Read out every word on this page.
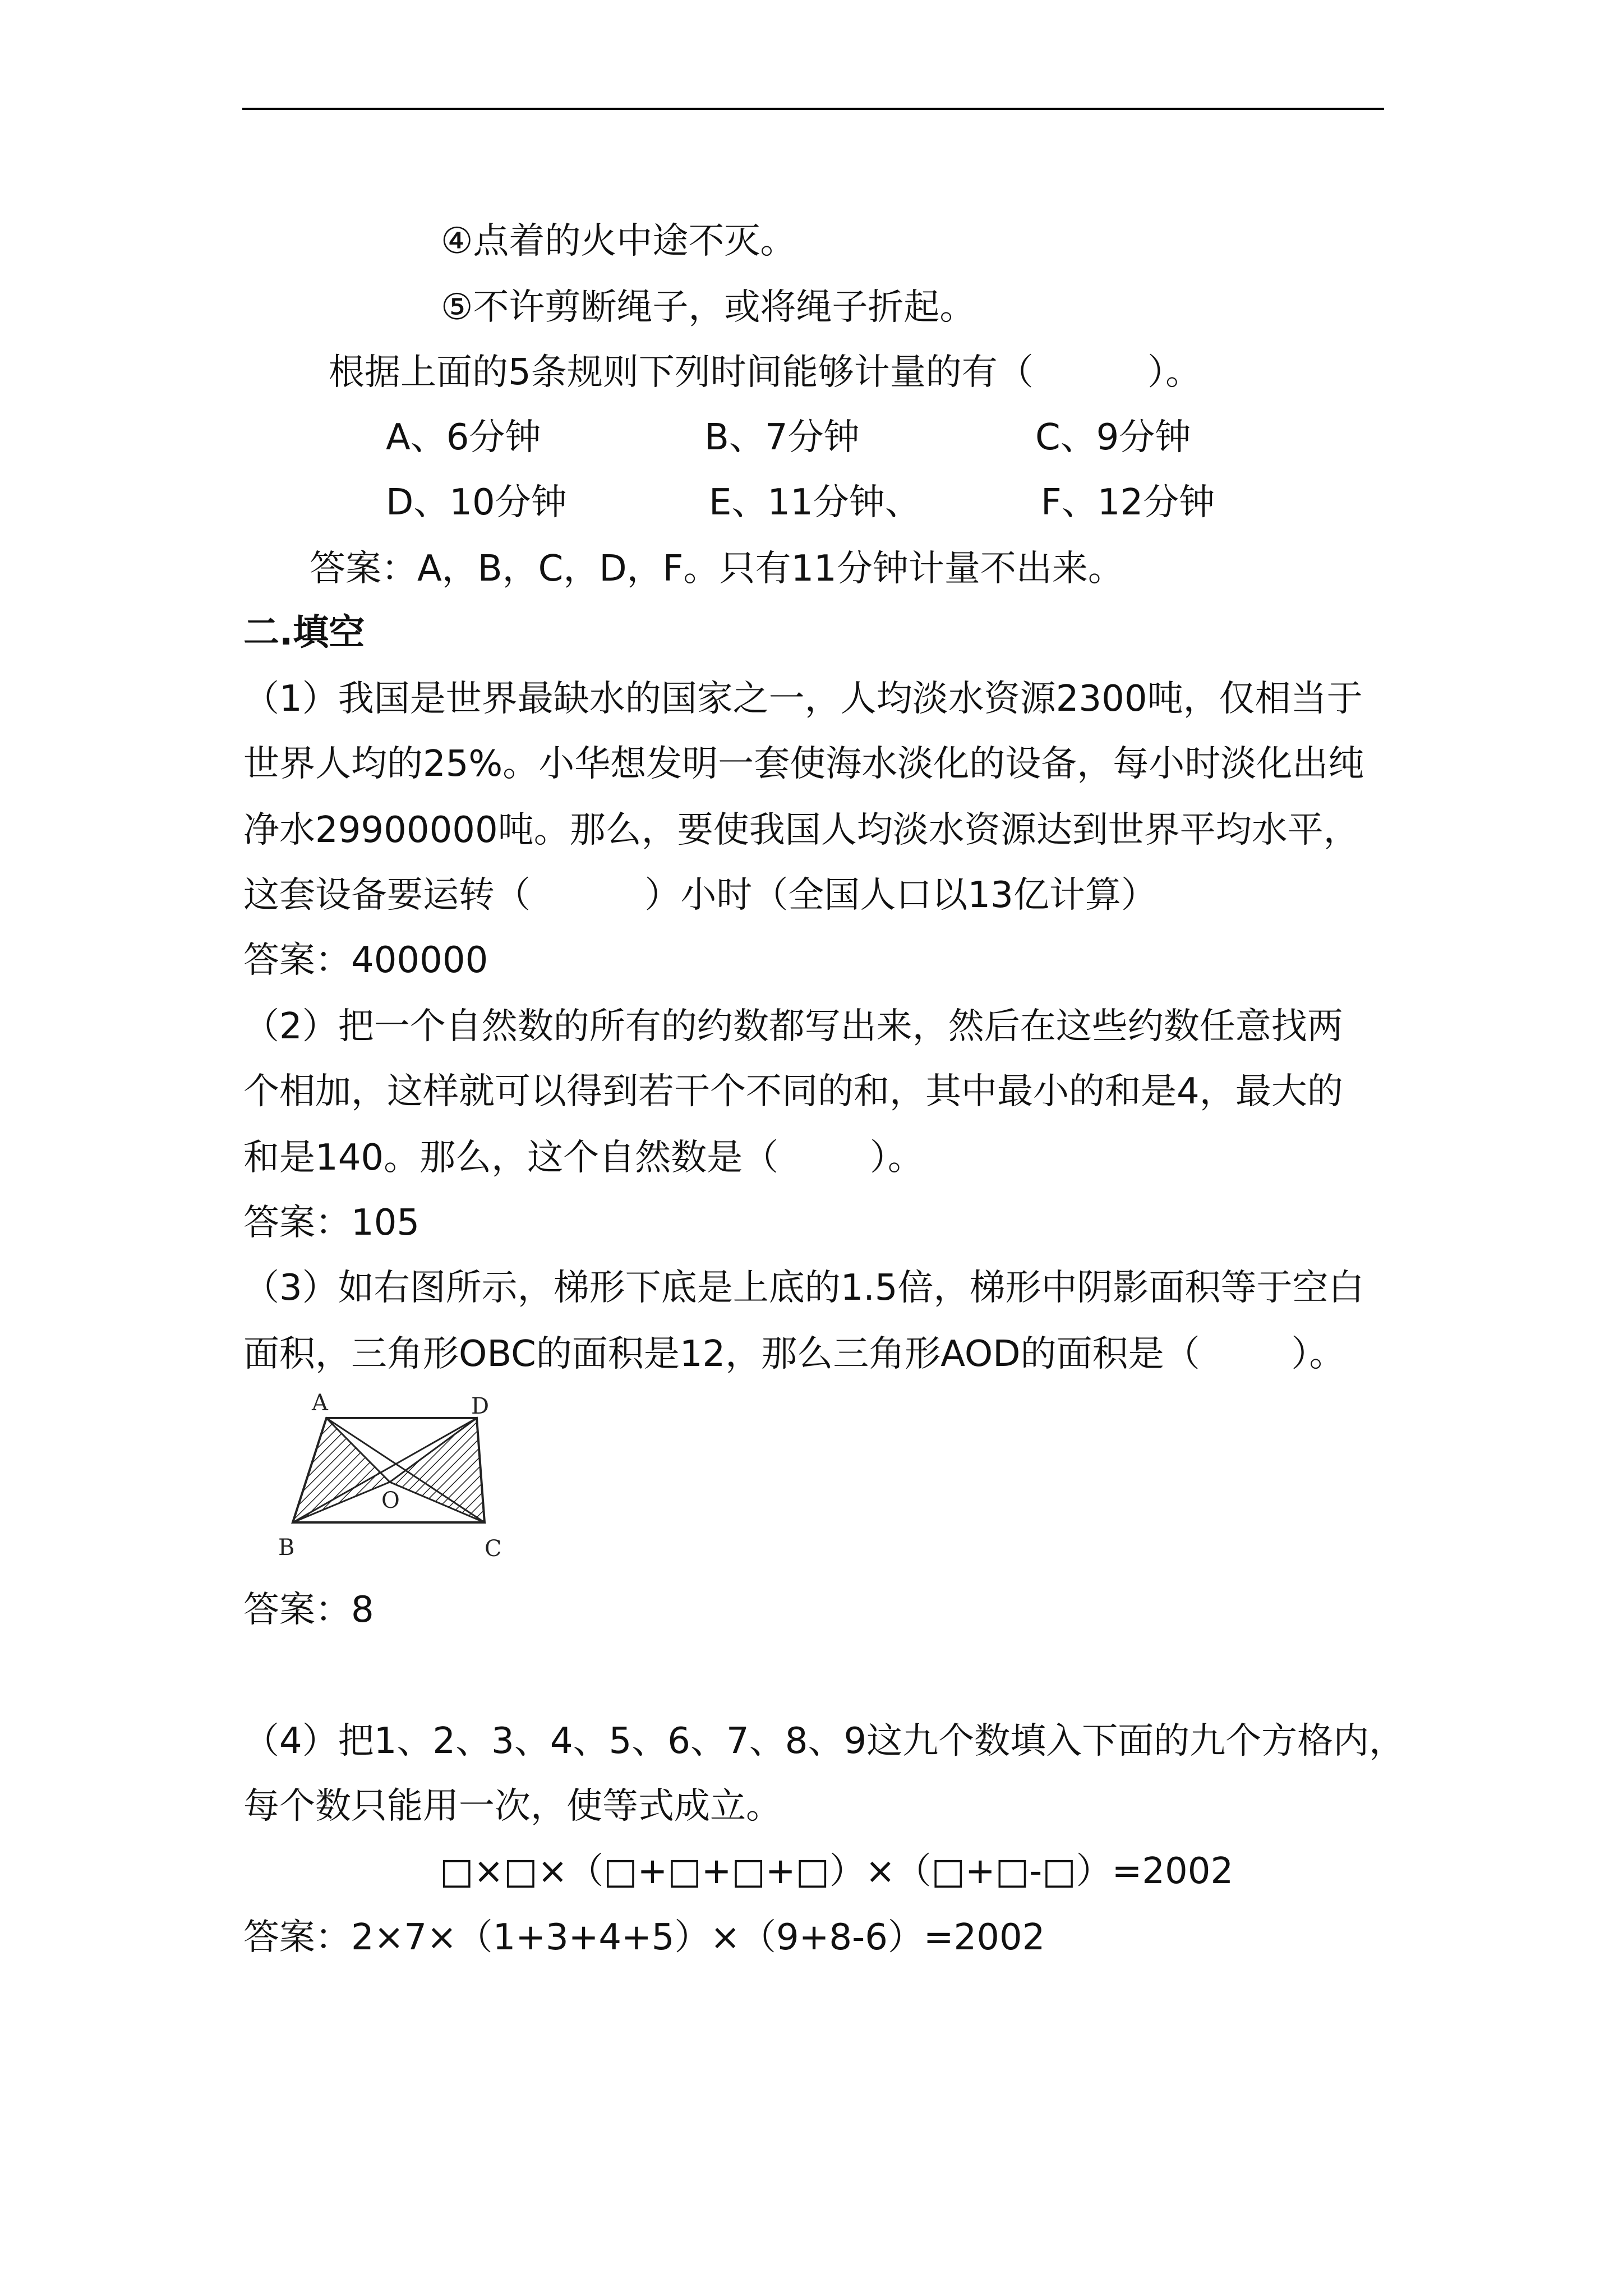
④点着的火中途不灭。
⑤不许剪断绳子，或将绳子折起。
根据上面的5条规则下列时间能够计量的有（          ）。
A、6分钟	B、7分钟	C、9分钟
D、10分钟	E、11分钟、	F、12分钟
答案：A，B，C，D，F。只有11分钟计量不出来。
二.填空
（1）我国是世界最缺水的国家之一，人均淡水资源2300吨，仅相当于
世界人均的25%。小华想发明一套使海水淡化的设备，每小时淡化出纯
净水29900000吨。那么，要使我国人均淡水资源达到世界平均水平，
这套设备要运转（          ）小时（全国人口以13亿计算）
答案：400000
（2）把一个自然数的所有的约数都写出来，然后在这些约数任意找两
个相加，这样就可以得到若干个不同的和，其中最小的和是4，最大的
和是140。那么，这个自然数是（        ）。
答案：105
（3）如右图所示，梯形下底是上底的1.5倍，梯形中阴影面积等于空白
面积，三角形OBC的面积是12，那么三角形AOD的面积是（        ）。
A	D
O
B	C
答案：8
（4）把1、2、3、4、5、6、7、8、9这九个数填入下面的九个方格内，
每个数只能用一次，使等式成立。
□×□×（□+□+□+□）×（□+□-□）=2002
答案：2×7×（1+3+4+5）×（9+8-6）=2002
